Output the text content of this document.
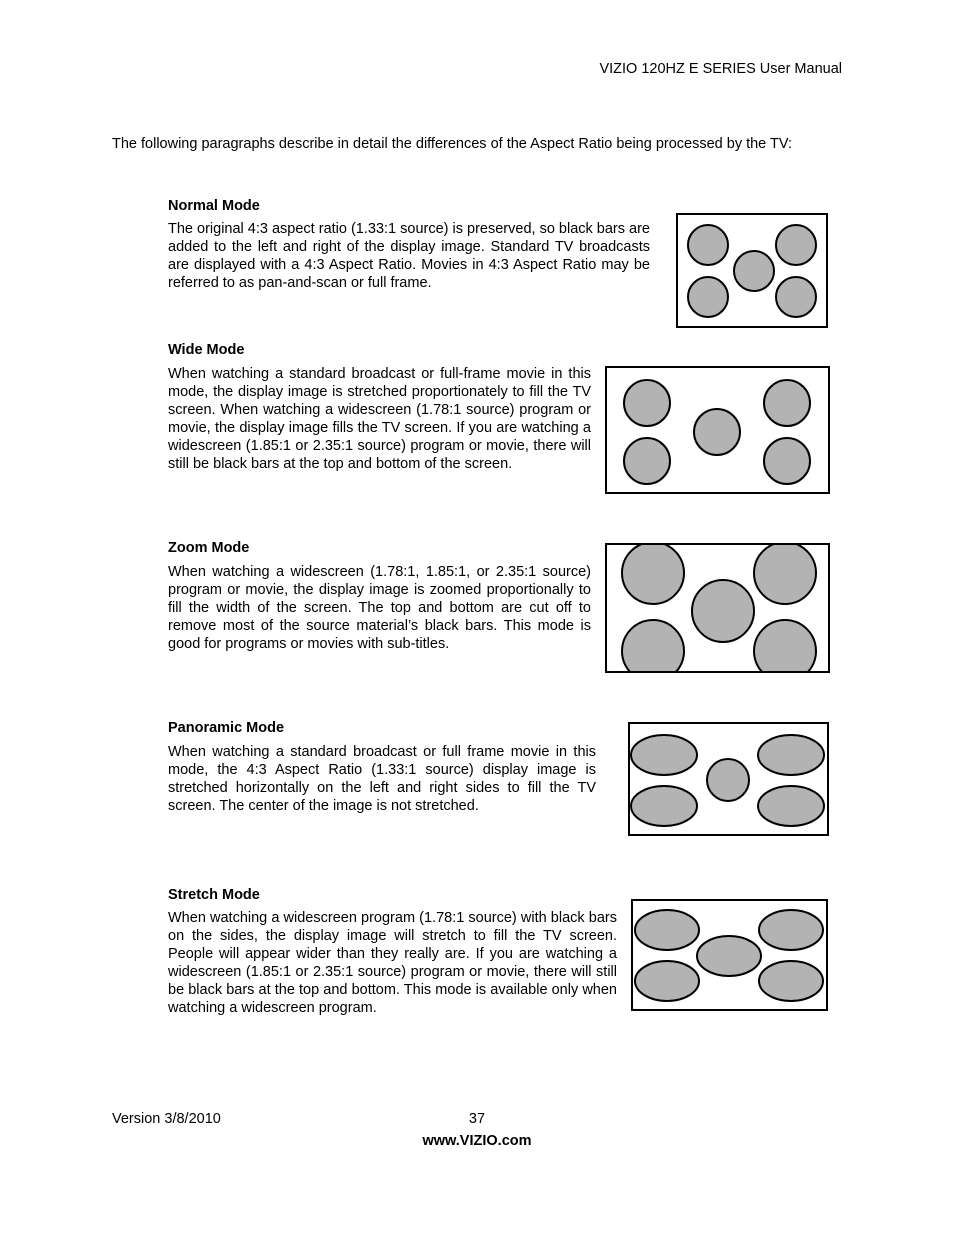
VIZIO 120HZ E SERIES User Manual
The following paragraphs describe in detail the differences of the Aspect Ratio being processed by the TV:
Normal Mode
The original 4:3 aspect ratio (1.33:1 source) is preserved, so black bars are added to the left and right of the display image. Standard TV broadcasts are displayed with a 4:3 Aspect Ratio. Movies in 4:3 Aspect Ratio may be referred to as pan-and-scan or full frame.
Wide Mode
When watching a standard broadcast or full-frame movie in this mode, the display image is stretched proportionately to fill the TV screen. When watching a widescreen (1.78:1 source) program or movie, the display image fills the TV screen. If you are watching a widescreen (1.85:1 or 2.35:1 source) program or movie, there will still be black bars at the top and bottom of the screen.
Zoom Mode
When watching a widescreen (1.78:1, 1.85:1, or 2.35:1 source) program or movie, the display image is zoomed proportionally to fill the width of the screen. The top and bottom are cut off to remove most of the source material’s black bars. This mode is good for programs or movies with sub-titles.
Panoramic Mode
When watching a standard broadcast or full frame movie in this mode, the 4:3 Aspect Ratio (1.33:1 source) display image is stretched horizontally on the left and right sides to fill the TV screen. The center of the image is not stretched.
Stretch Mode
When watching a widescreen program (1.78:1 source) with black bars on the sides, the display image will stretch to fill the TV screen. People will appear wider than they really are. If you are watching a widescreen (1.85:1 or 2.35:1 source) program or movie, there will still be black bars at the top and bottom. This mode is available only when watching a widescreen program.
Version 3/8/2010	37
www.VIZIO.com
